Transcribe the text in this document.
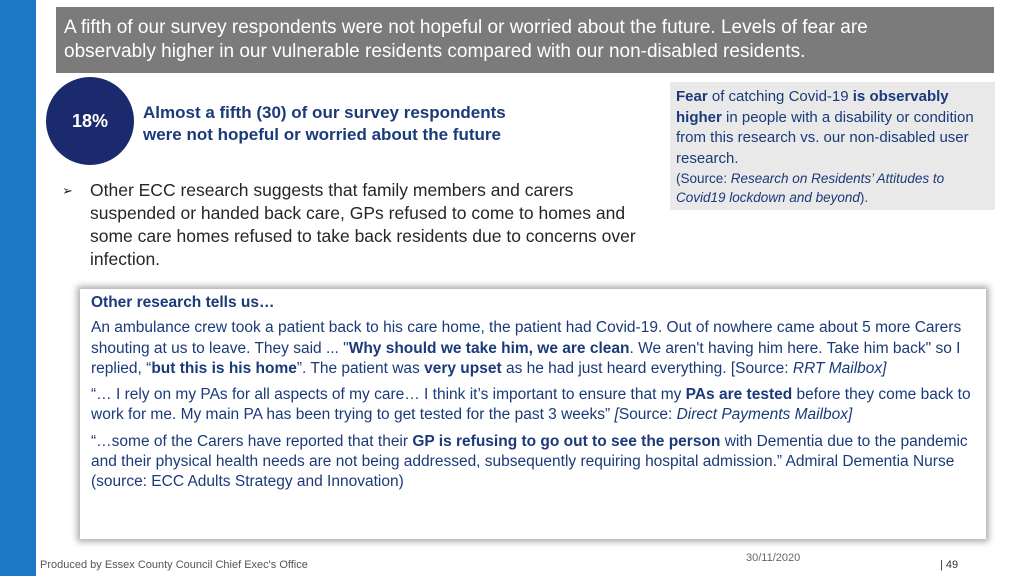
A fifth of our survey respondents were not hopeful or worried about the future. Levels of fear are

observably higher in our vulnerable residents compared with our non-disabled residents.

18% Almost a fifth (30) of our survey respondents
were not hopeful or worried about the future
➢ Other ECC research suggests that family members and carers suspended or handed back care, GPs refused to come to homes and some care homes refused to take back residents due to concerns over infection.
Fear of catching Covid-19 is observably higher in people with a disability or condition from this research vs. our non-disabled user research.
(Source: Research on Residents’ Attitudes to Covid19 lockdown and beyond).
Other research tells us…
An ambulance crew took a patient back to his care home, the patient had Covid-19. Out of nowhere came about 5 more Carers shouting at us to leave. They said ... "Why should we take him, we are clean. We aren't having him here. Take him back" so I replied, “but this is his home”. The patient was very upset as he had just heard everything. [Source: RRT Mailbox]
“… I rely on my PAs for all aspects of my care… I think it’s important to ensure that my PAs are tested before they come back to work for me. My main PA has been trying to get tested for the past 3 weeks” [Source: Direct Payments Mailbox]
“…some of the Carers have reported that their GP is refusing to go out to see the person with Dementia due to the pandemic and their physical health needs are not being addressed, subsequently requiring hospital admission.” Admiral Dementia Nurse (source: ECC Adults Strategy and Innovation)
Produced by Essex County Council Chief Exec's Office
30/11/2020
| 49
